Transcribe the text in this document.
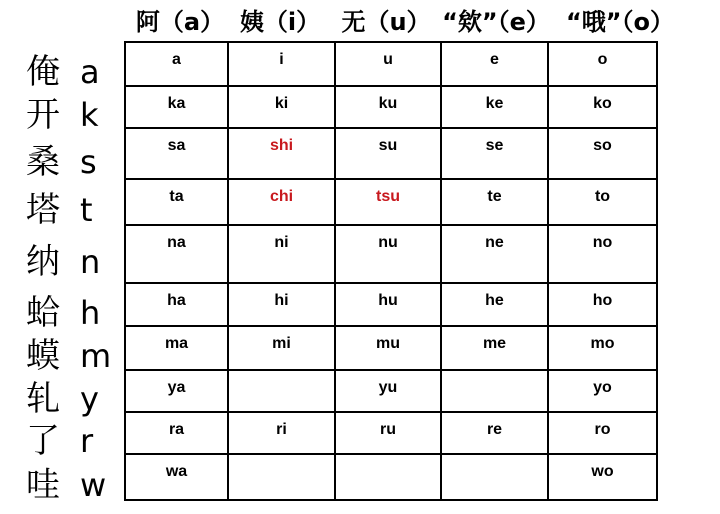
阿（a） 姨（i） 无（u） “欸”（e） “哦”（o）
俺 a
开 k
桑 s
塔 t
纳 n
蛤 h
蟆 m
轧 y
了 r
哇 w
a	i	u	e	o
ka	ki	ku	ke	ko
sa	shi	su	se	so
ta	chi	tsu	te	to
na	ni	nu	ne	no
ha	hi	hu	he	ho
ma	mi	mu	me	mo
ya		yu		yo
ra	ri	ru	re	ro
wa				wo
